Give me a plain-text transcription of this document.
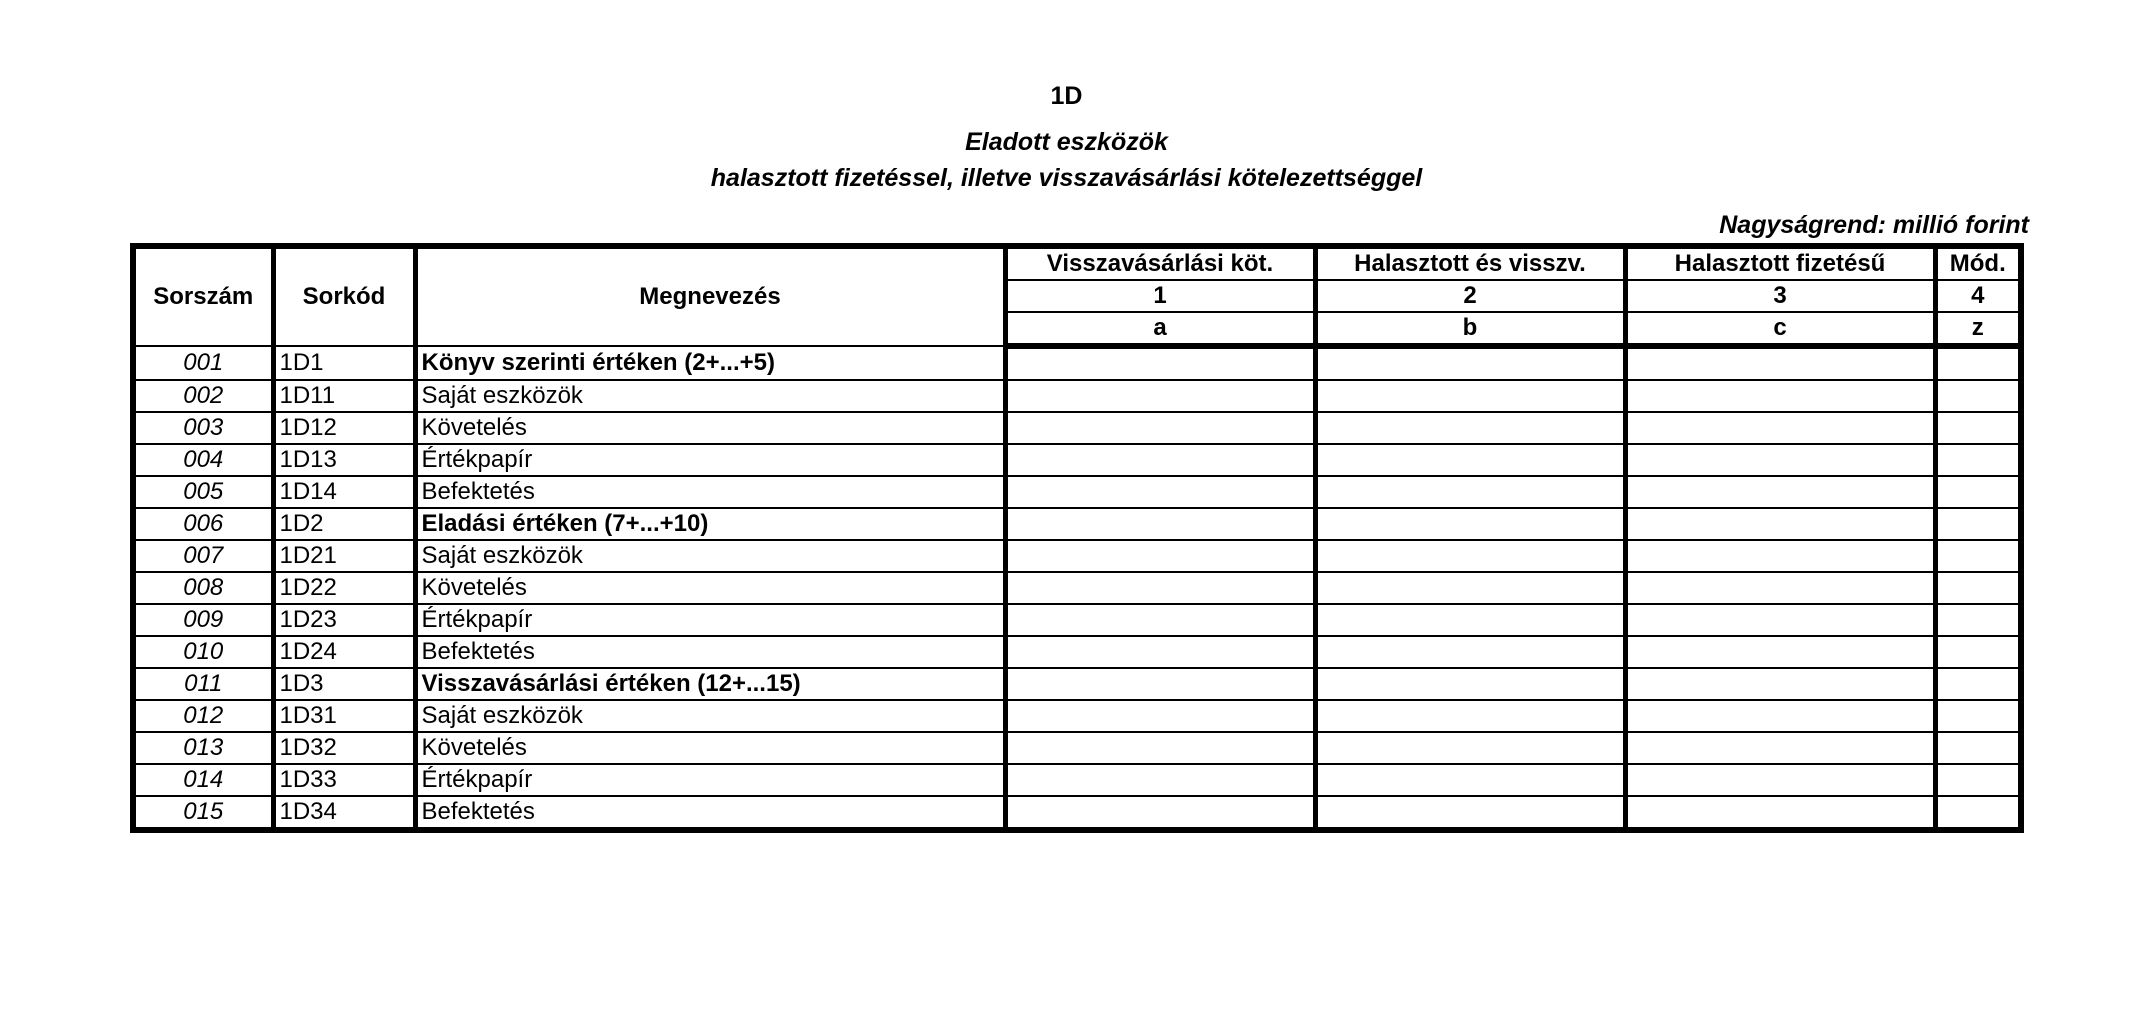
1D
Eladott eszközök
halasztott fizetéssel, illetve visszavásárlási kötelezettséggel
Nagyságrend: millió forint
Sorszám	Sorkód	Megnevezés	Visszavásárlási köt.	Halasztott és visszv.	Halasztott fizetésű	Mód.
			1	2	3	4
			a	b	c	z
001	1D1	Könyv szerinti értéken (2+...+5)				
002	1D11	Saját eszközök				
003	1D12	Követelés				
004	1D13	Értékpapír				
005	1D14	Befektetés				
006	1D2	Eladási értéken (7+...+10)				
007	1D21	Saját eszközök				
008	1D22	Követelés				
009	1D23	Értékpapír				
010	1D24	Befektetés				
011	1D3	Visszavásárlási értéken (12+...15)				
012	1D31	Saját eszközök				
013	1D32	Követelés				
014	1D33	Értékpapír				
015	1D34	Befektetés				
